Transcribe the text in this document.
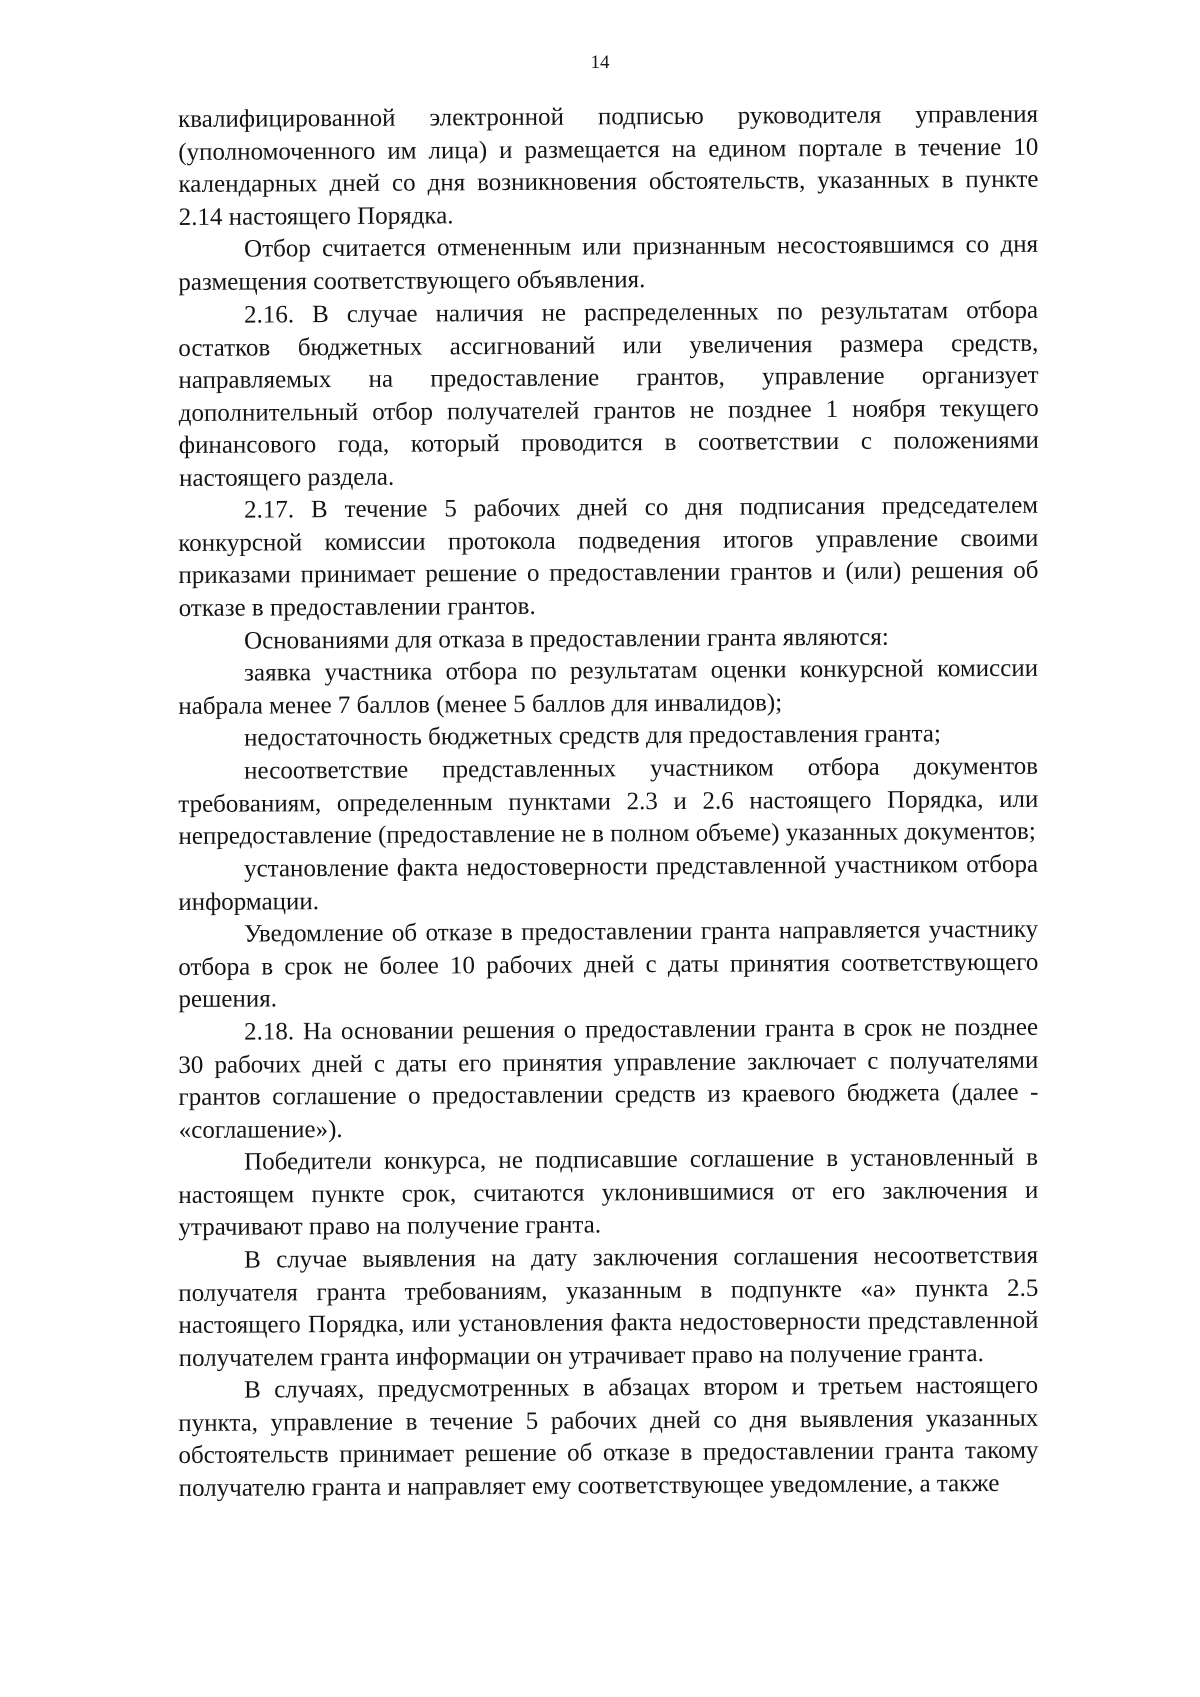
14

квалифицированной электронной подписью руководителя управления (уполномоченного им лица) и размещается на едином портале в течение 10 календарных дней со дня возникновения обстоятельств, указанных в пункте 2.14 настоящего Порядка.

Отбор считается отмененным или признанным несостоявшимся со дня размещения соответствующего объявления.

2.16. В случае наличия не распределенных по результатам отбора остатков бюджетных ассигнований или увеличения размера средств, направляемых на предоставление грантов, управление организует дополнительный отбор получателей грантов не позднее 1 ноября текущего финансового года, который проводится в соответствии с положениями настоящего раздела.

2.17. В течение 5 рабочих дней со дня подписания председателем конкурсной комиссии протокола подведения итогов управление своими приказами принимает решение о предоставлении грантов и (или) решения об отказе в предоставлении грантов.

Основаниями для отказа в предоставлении гранта являются:

заявка участника отбора по результатам оценки конкурсной комиссии набрала менее 7 баллов (менее 5 баллов для инвалидов);

недостаточность бюджетных средств для предоставления гранта;

несоответствие представленных участником отбора документов требованиям, определенным пунктами 2.3 и 2.6 настоящего Порядка, или непредоставление (предоставление не в полном объеме) указанных документов;

установление факта недостоверности представленной участником отбора информации.

Уведомление об отказе в предоставлении гранта направляется участнику отбора в срок не более 10 рабочих дней с даты принятия соответствующего решения.

2.18. На основании решения о предоставлении гранта в срок не позднее 30 рабочих дней с даты его принятия управление заключает с получателями грантов соглашение о предоставлении средств из краевого бюджета (далее - «соглашение»).

Победители конкурса, не подписавшие соглашение в установленный в настоящем пункте срок, считаются уклонившимися от его заключения и утрачивают право на получение гранта.

В случае выявления на дату заключения соглашения несоответствия получателя гранта требованиям, указанным в подпункте «а» пункта 2.5 настоящего Порядка, или установления факта недостоверности представленной получателем гранта информации он утрачивает право на получение гранта.

В случаях, предусмотренных в абзацах втором и третьем настоящего пункта, управление в течение 5 рабочих дней со дня выявления указанных обстоятельств принимает решение об отказе в предоставлении гранта такому получателю гранта и направляет ему соответствующее уведомление, а также
